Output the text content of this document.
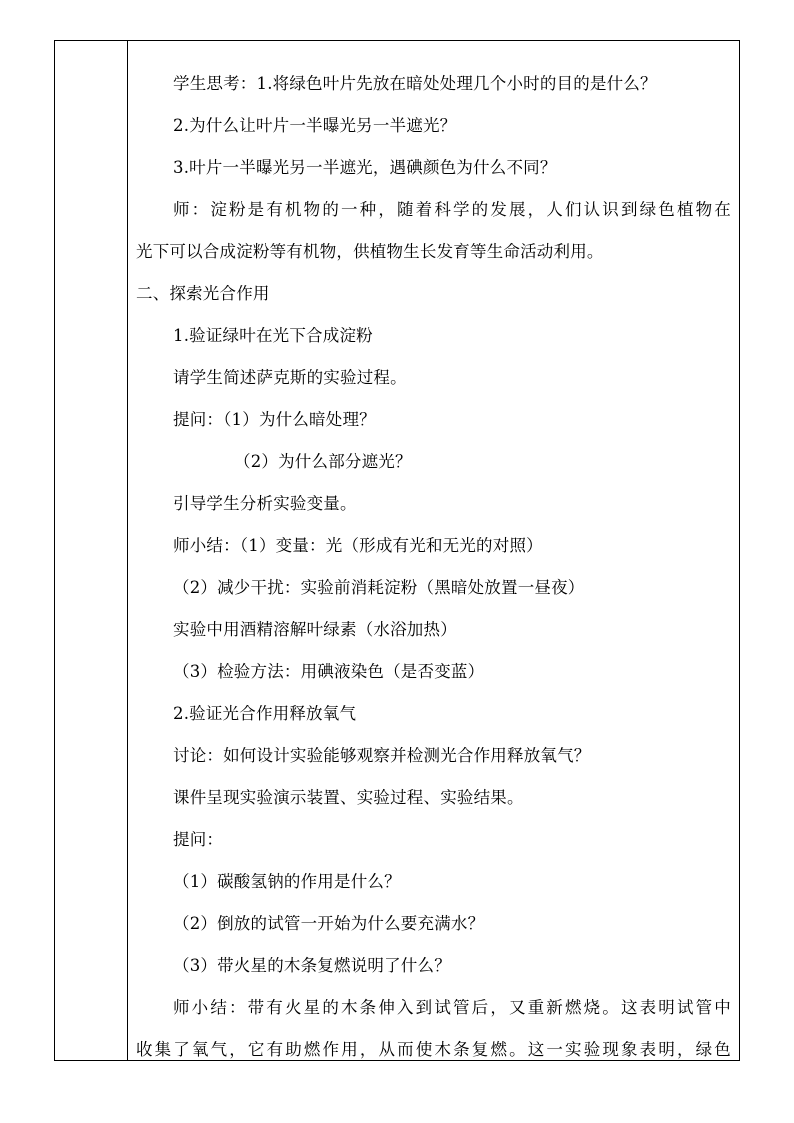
学生思考：1.将绿色叶片先放在暗处处理几个小时的目的是什么？
2.为什么让叶片一半曝光另一半遮光？
3.叶片一半曝光另一半遮光，遇碘颜色为什么不同？
师：淀粉是有机物的一种，随着科学的发展，人们认识到绿色植物在
光下可以合成淀粉等有机物，供植物生长发育等生命活动利用。
二、探索光合作用
1.验证绿叶在光下合成淀粉
请学生简述萨克斯的实验过程。
提问：（1）为什么暗处理？
（2）为什么部分遮光？
引导学生分析实验变量。
师小结：（1）变量：光（形成有光和无光的对照）
（2）减少干扰：实验前消耗淀粉（黑暗处放置一昼夜）
实验中用酒精溶解叶绿素（水浴加热）
（3）检验方法：用碘液染色（是否变蓝）
2.验证光合作用释放氧气
讨论：如何设计实验能够观察并检测光合作用释放氧气？
课件呈现实验演示装置、实验过程、实验结果。
提问：
（1）碳酸氢钠的作用是什么？
（2）倒放的试管一开始为什么要充满水？
（3）带火星的木条复燃说明了什么？
师小结：带有火星的木条伸入到试管后，又重新燃烧。这表明试管中
收集了氧气，它有助燃作用，从而使木条复燃。这一实验现象表明，绿色
